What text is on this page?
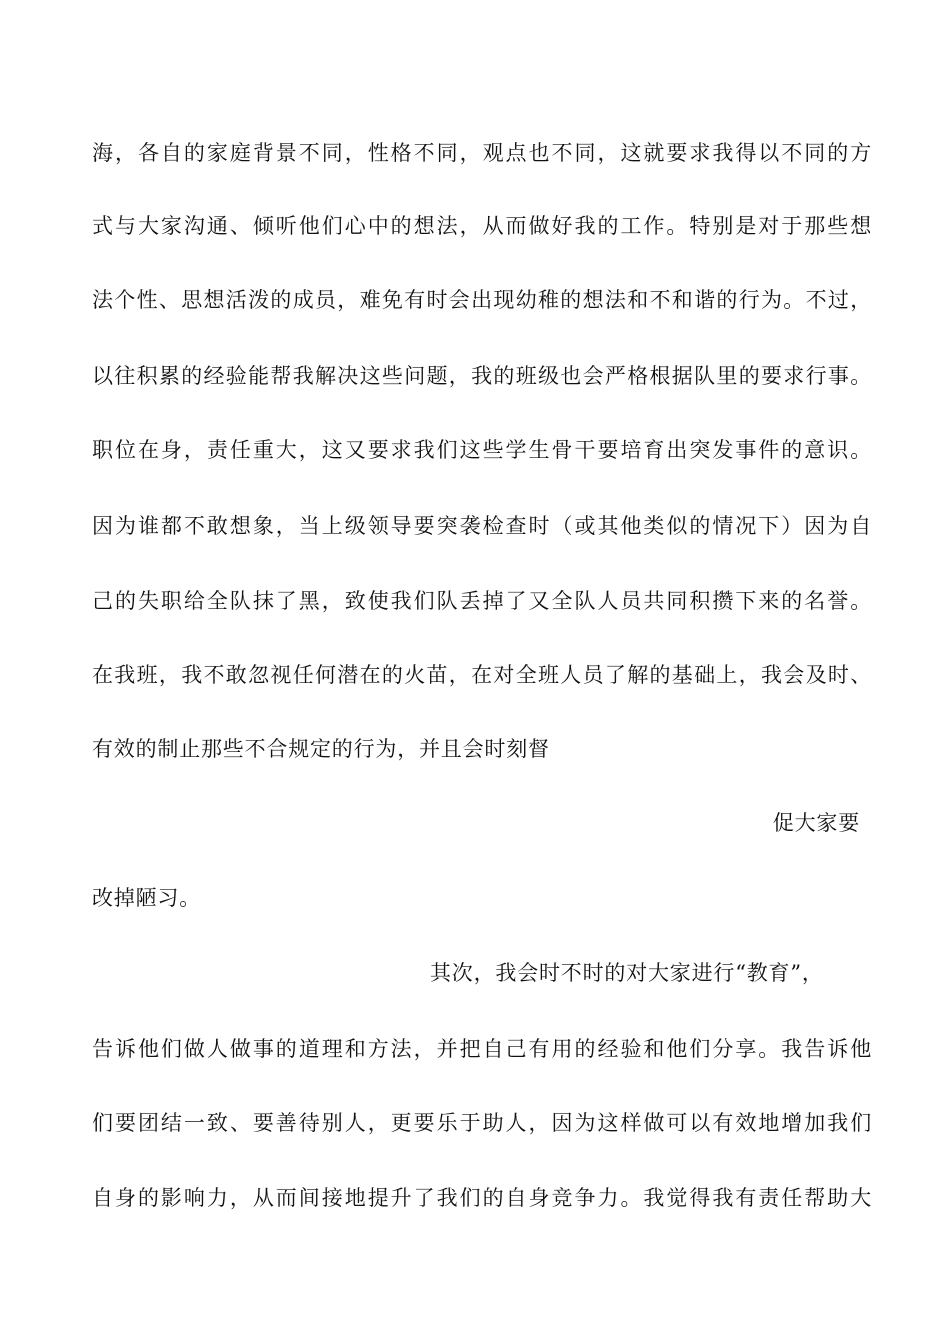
海，各自的家庭背景不同，性格不同，观点也不同，这就要求我得以不同的方
式与大家沟通、倾听他们心中的想法，从而做好我的工作。特别是对于那些想
法个性、思想活泼的成员，难免有时会出现幼稚的想法和不和谐的行为。不过，
以往积累的经验能帮我解决这些问题，我的班级也会严格根据队里的要求行事。
职位在身，责任重大，这又要求我们这些学生骨干要培育出突发事件的意识。
因为谁都不敢想象，当上级领导要突袭检查时（或其他类似的情况下）因为自
己的失职给全队抹了黑，致使我们队丢掉了又全队人员共同积攒下来的名誉。
在我班，我不敢忽视任何潜在的火苗，在对全班人员了解的基础上，我会及时、
有效的制止那些不合规定的行为，并且会时刻督
促大家要
改掉陋习。
其次，我会时不时的对大家进行“教育”，
告诉他们做人做事的道理和方法，并把自己有用的经验和他们分享。我告诉他
们要团结一致、要善待别人，更要乐于助人，因为这样做可以有效地增加我们
自身的影响力，从而间接地提升了我们的自身竞争力。我觉得我有责任帮助大
